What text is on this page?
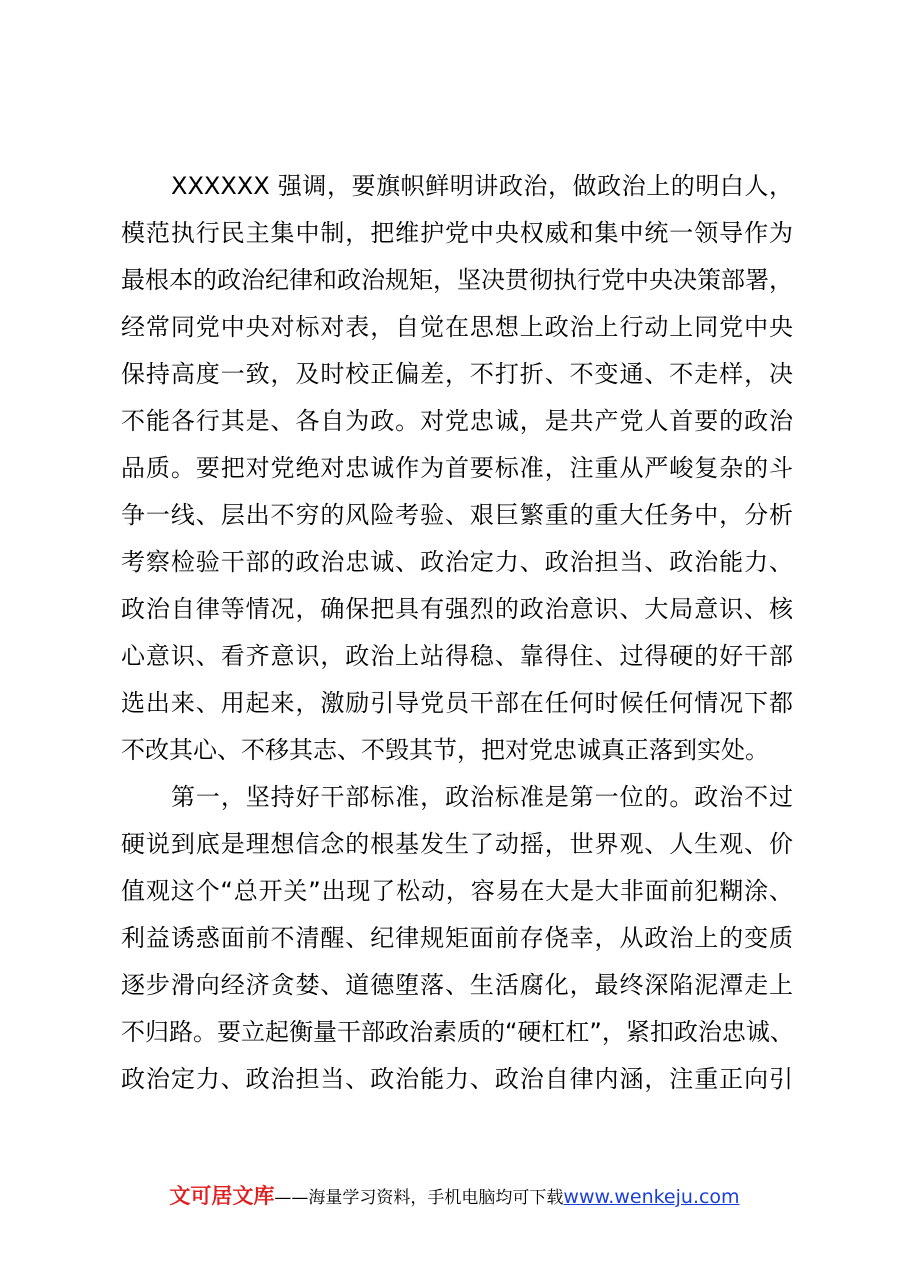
XXXXXX 强调，要旗帜鲜明讲政治，做政治上的明白人，
模范执行民主集中制，把维护党中央权威和集中统一领导作为
最根本的政治纪律和政治规矩，坚决贯彻执行党中央决策部署，
经常同党中央对标对表，自觉在思想上政治上行动上同党中央
保持高度一致，及时校正偏差，不打折、不变通、不走样，决
不能各行其是、各自为政。对党忠诚，是共产党人首要的政治
品质。要把对党绝对忠诚作为首要标准，注重从严峻复杂的斗
争一线、层出不穷的风险考验、艰巨繁重的重大任务中，分析
考察检验干部的政治忠诚、政治定力、政治担当、政治能力、
政治自律等情况，确保把具有强烈的政治意识、大局意识、核
心意识、看齐意识，政治上站得稳、靠得住、过得硬的好干部
选出来、用起来，激励引导党员干部在任何时候任何情况下都
不改其心、不移其志、不毁其节，把对党忠诚真正落到实处。
第一，坚持好干部标准，政治标准是第一位的。政治不过
硬说到底是理想信念的根基发生了动摇，世界观、人生观、价
值观这个“总开关”出现了松动，容易在大是大非面前犯糊涂、
利益诱惑面前不清醒、纪律规矩面前存侥幸，从政治上的变质
逐步滑向经济贪婪、道德堕落、生活腐化，最终深陷泥潭走上
不归路。要立起衡量干部政治素质的“硬杠杠”，紧扣政治忠诚、
政治定力、政治担当、政治能力、政治自律内涵，注重正向引
文可居文库——海量学习资料，手机电脑均可下载www.wenkeju.com
